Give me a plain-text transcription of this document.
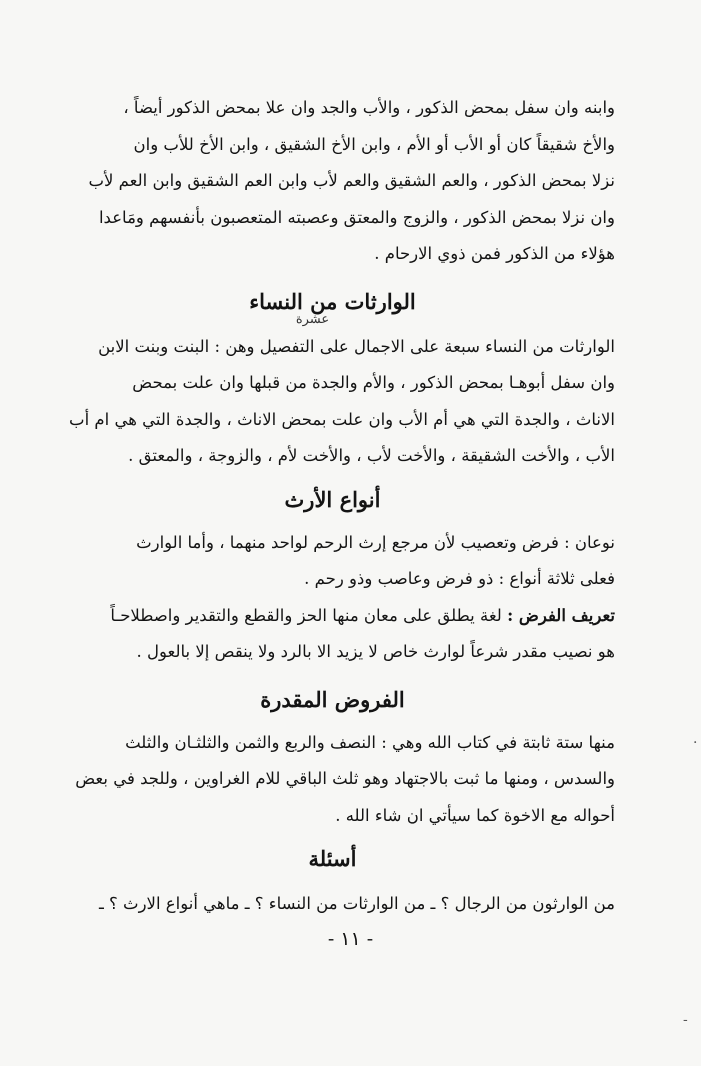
وابنه وان سفل بمحض الذكور ، والأب والجد وان علا بمحض الذكور أيضاً ،

والأخ شقيقاً كان أو الأب أو الأم ، وابن الأخ الشقيق ، وابن الأخ للأب وان

نزلا بمحض الذكور ، والعم الشقيق والعم لأب وابن العم الشقيق وابن العم لأب

وان نزلا بمحض الذكور ، والزوج والمعتق وعصبته المتعصبون بأنفسهم ومَاعدا

هؤلاء من الذكور فمن ذوي الارحام .

الوارثات من النساء
عشرة

الوارثات من النساء سبعة على الاجمال على التفصيل وهن : البنت وبنت الابن

وان سفل أبوهـا بمحض الذكور ، والأم والجدة من قبلها وان علت بمحض

الاناث ، والجدة التي هي أم الأب وان علت بمحض الاناث ، والجدة التي هي ام أب

الأب ، والأخت الشقيقة ، والأخت لأب ، والأخت لأم ، والزوجة ، والمعتق .

أنواع الأرث

نوعان : فرض وتعصيب لأن مرجع إرث الرحم لواحد منهما ، وأما الوارث

فعلى ثلاثة أنواع : ذو فرض وعاصب وذو رحم .

تعريف الفرض : لغة يطلق على معان منها الحز والقطع والتقدير واصطلاحـاً

هو نصيب مقدر شرعاً لوارث خاص لا يزيد الا بالرد ولا ينقص إلا بالعول .

الفروض المقدرة

منها ستة ثابتة في كتاب الله وهي : النصف والربع والثمن والثلثـان والثلث

والسدس ، ومنها ما ثبت بالاجتهاد وهو ثلث الباقي للام الغراوين ، وللجد في بعض

أحواله مع الاخوة كما سيأتي ان شاء الله .

أسئلة

من الوارثون من الرجال ؟ ـ من الوارثات من النساء ؟ ـ ماهي أنواع الارث ؟ ـ

- ١١ -
·
-
